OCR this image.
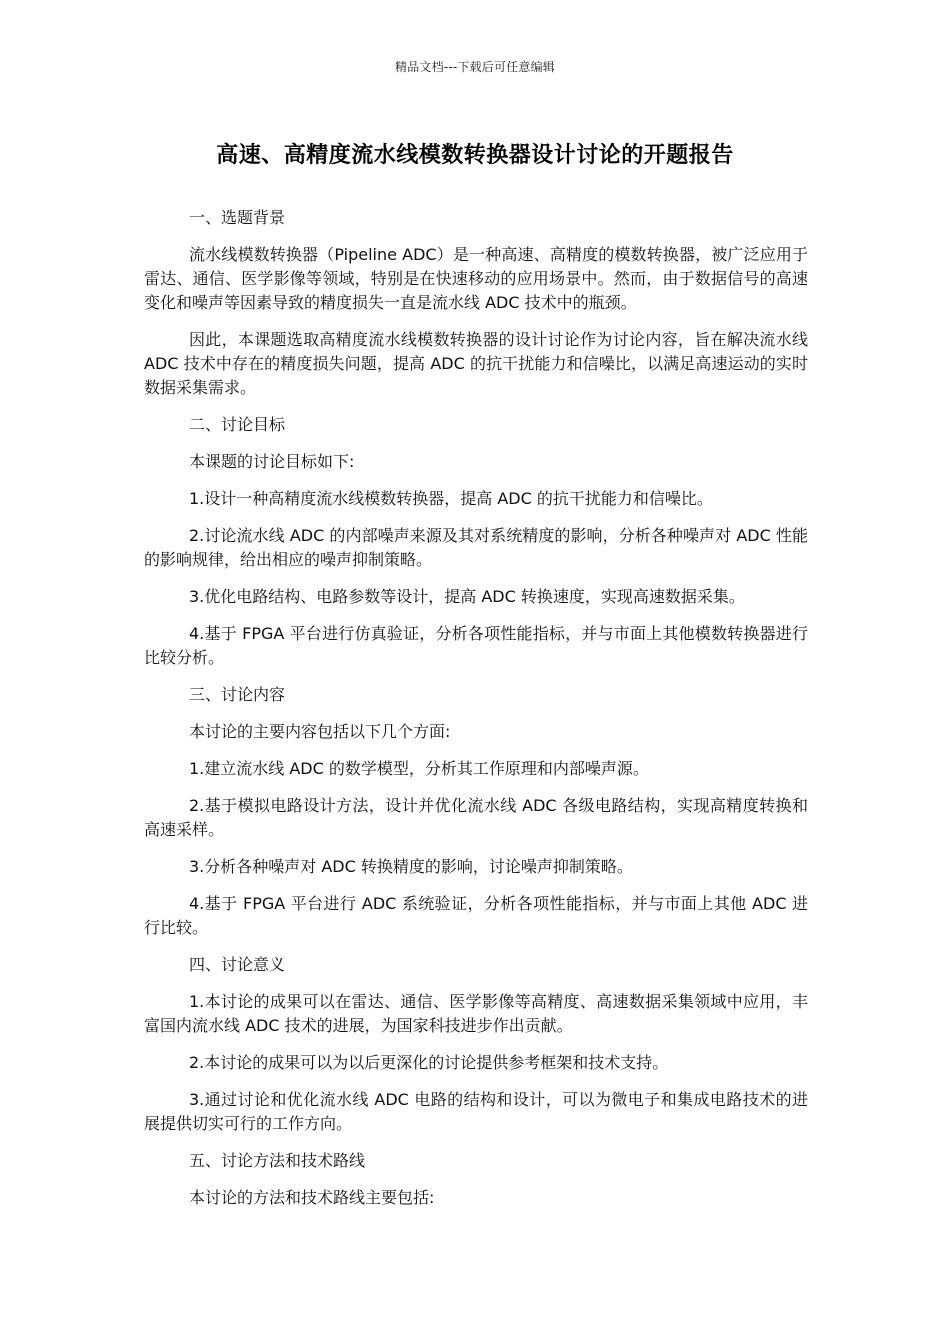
精品文档---下载后可任意编辑
高速、高精度流水线模数转换器设计讨论的开题报告

一、选题背景

流水线模数转换器（Pipeline ADC）是一种高速、高精度的模数转换器，被广泛应用于雷达、通信、医学影像等领域，特别是在快速移动的应用场景中。然而，由于数据信号的高速变化和噪声等因素导致的精度损失一直是流水线 ADC 技术中的瓶颈。

因此，本课题选取高精度流水线模数转换器的设计讨论作为讨论内容，旨在解决流水线 ADC 技术中存在的精度损失问题，提高 ADC 的抗干扰能力和信噪比，以满足高速运动的实时数据采集需求。

二、讨论目标

本课题的讨论目标如下:

1.设计一种高精度流水线模数转换器，提高 ADC 的抗干扰能力和信噪比。

2.讨论流水线 ADC 的内部噪声来源及其对系统精度的影响，分析各种噪声对 ADC 性能的影响规律，给出相应的噪声抑制策略。

3.优化电路结构、电路参数等设计，提高 ADC 转换速度，实现高速数据采集。

4.基于 FPGA 平台进行仿真验证，分析各项性能指标，并与市面上其他模数转换器进行比较分析。

三、讨论内容

本讨论的主要内容包括以下几个方面:

1.建立流水线 ADC 的数学模型，分析其工作原理和内部噪声源。

2.基于模拟电路设计方法，设计并优化流水线 ADC 各级电路结构，实现高精度转换和高速采样。

3.分析各种噪声对 ADC 转换精度的影响，讨论噪声抑制策略。

4.基于 FPGA 平台进行 ADC 系统验证，分析各项性能指标，并与市面上其他 ADC 进行比较。

四、讨论意义

1.本讨论的成果可以在雷达、通信、医学影像等高精度、高速数据采集领域中应用，丰富国内流水线 ADC 技术的进展，为国家科技进步作出贡献。

2.本讨论的成果可以为以后更深化的讨论提供参考框架和技术支持。

3.通过讨论和优化流水线 ADC 电路的结构和设计，可以为微电子和集成电路技术的进展提供切实可行的工作方向。

五、讨论方法和技术路线

本讨论的方法和技术路线主要包括:
